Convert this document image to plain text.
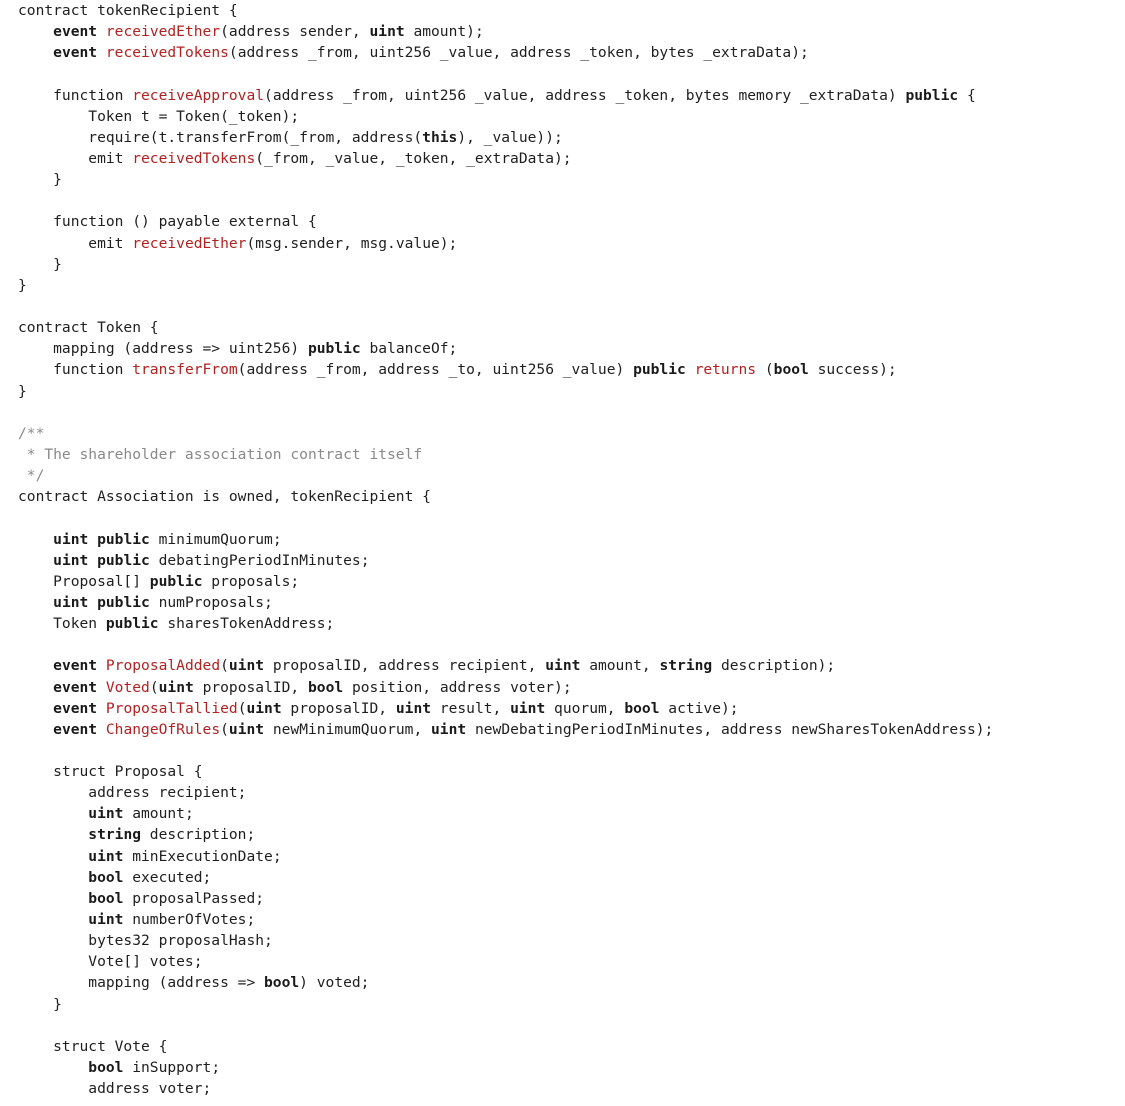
contract tokenRecipient {
event receivedEther(address sender, uint amount);
event receivedTokens(address _from, uint256 _value, address _token, bytes _extraData);
function receiveApproval(address _from, uint256 _value, address _token, bytes memory _extraData) public {
Token t = Token(_token);
require(t.transferFrom(_from, address(this), _value));
emit receivedTokens(_from, _value, _token, _extraData);
}
function () payable external {
emit receivedEther(msg.sender, msg.value);
}
}
contract Token {
mapping (address => uint256) public balanceOf;
function transferFrom(address _from, address _to, uint256 _value) public returns (bool success);
}
/**
* The shareholder association contract itself
*/
contract Association is owned, tokenRecipient {
uint public minimumQuorum;
uint public debatingPeriodInMinutes;
Proposal[] public proposals;
uint public numProposals;
Token public sharesTokenAddress;
event ProposalAdded(uint proposalID, address recipient, uint amount, string description);
event Voted(uint proposalID, bool position, address voter);
event ProposalTallied(uint proposalID, uint result, uint quorum, bool active);
event ChangeOfRules(uint newMinimumQuorum, uint newDebatingPeriodInMinutes, address newSharesTokenAddress);
struct Proposal {
address recipient;
uint amount;
string description;
uint minExecutionDate;
bool executed;
bool proposalPassed;
uint numberOfVotes;
bytes32 proposalHash;
Vote[] votes;
mapping (address => bool) voted;
}
struct Vote {
bool inSupport;
address voter;
